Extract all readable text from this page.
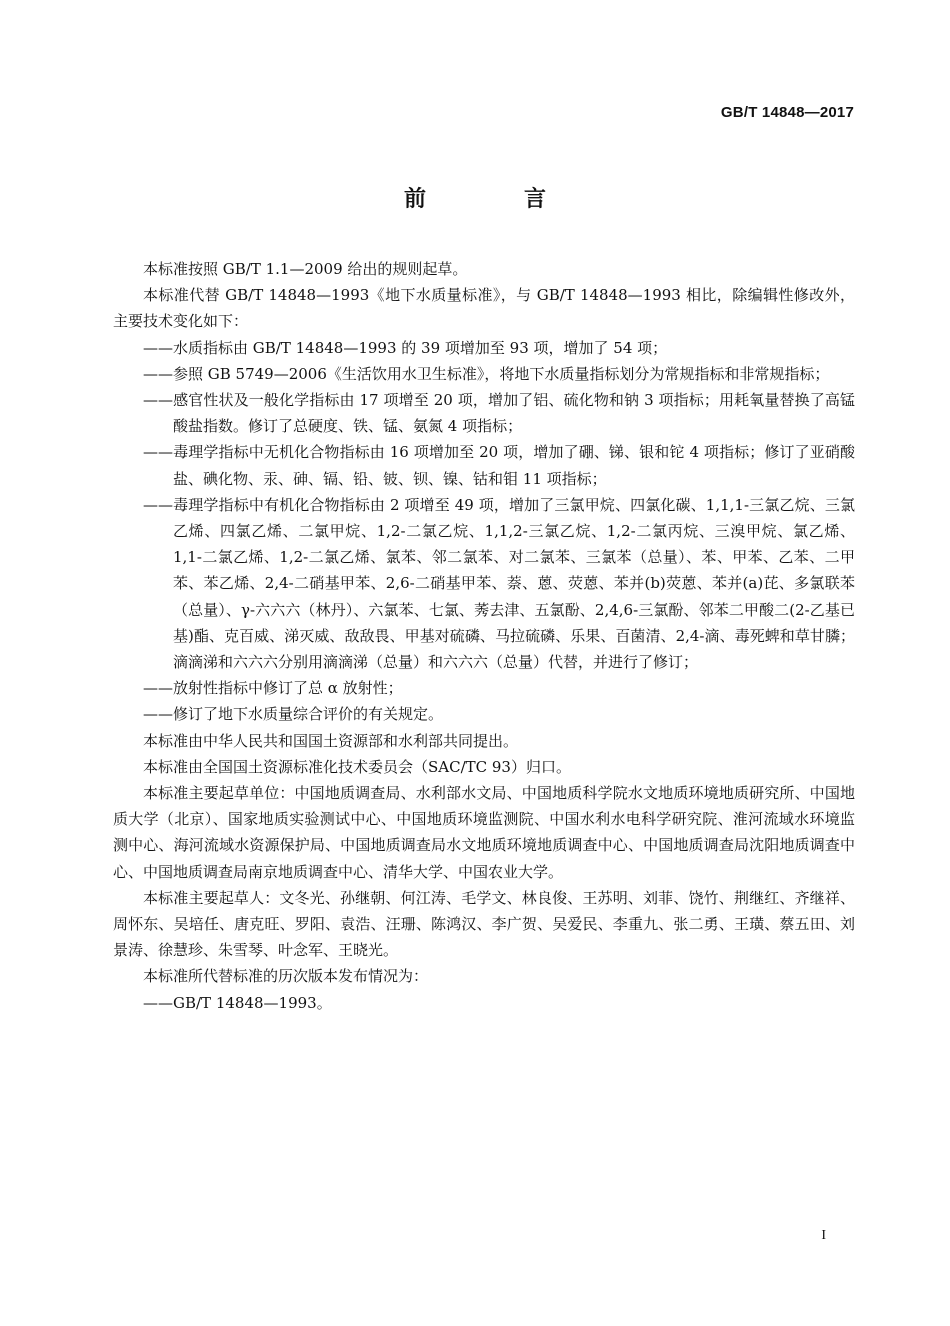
GB/T 14848—2017
前　言

本标准按照 GB/T 1.1—2009 给出的规则起草。

本标准代替 GB/T 14848—1993《地下水质量标准》，与 GB/T 14848—1993 相比，除编辑性修改外，主要技术变化如下：

——水质指标由 GB/T 14848—1993 的 39 项增加至 93 项，增加了 54 项；

——参照 GB 5749—2006《生活饮用水卫生标准》，将地下水质量指标划分为常规指标和非常规指标；

——感官性状及一般化学指标由 17 项增至 20 项，增加了铝、硫化物和钠 3 项指标；用耗氧量替换了高锰酸盐指数。修订了总硬度、铁、锰、氨氮 4 项指标；

——毒理学指标中无机化合物指标由 16 项增加至 20 项，增加了硼、锑、银和铊 4 项指标；修订了亚硝酸盐、碘化物、汞、砷、镉、铅、铍、钡、镍、钴和钼 11 项指标；

——毒理学指标中有机化合物指标由 2 项增至 49 项，增加了三氯甲烷、四氯化碳、1,1,1-三氯乙烷、三氯乙烯、四氯乙烯、二氯甲烷、1,2-二氯乙烷、1,1,2-三氯乙烷、1,2-二氯丙烷、三溴甲烷、氯乙烯、1,1-二氯乙烯、1,2-二氯乙烯、氯苯、邻二氯苯、对二氯苯、三氯苯（总量）、苯、甲苯、乙苯、二甲苯、苯乙烯、2,4-二硝基甲苯、2,6-二硝基甲苯、萘、蒽、荧蒽、苯并(b)荧蒽、苯并(a)芘、多氯联苯（总量）、γ-六六六（林丹）、六氯苯、七氯、莠去津、五氯酚、2,4,6-三氯酚、邻苯二甲酸二(2-乙基已基)酯、克百威、涕灭威、敌敌畏、甲基对硫磷、马拉硫磷、乐果、百菌清、2,4-滴、毒死蜱和草甘膦；滴滴涕和六六六分别用滴滴涕（总量）和六六六（总量）代替，并进行了修订；

——放射性指标中修订了总 α 放射性；

——修订了地下水质量综合评价的有关规定。

本标准由中华人民共和国国土资源部和水利部共同提出。

本标准由全国国土资源标准化技术委员会（SAC/TC 93）归口。

本标准主要起草单位：中国地质调查局、水利部水文局、中国地质科学院水文地质环境地质研究所、中国地质大学（北京）、国家地质实验测试中心、中国地质环境监测院、中国水利水电科学研究院、淮河流域水环境监测中心、海河流域水资源保护局、中国地质调查局水文地质环境地质调查中心、中国地质调查局沈阳地质调查中心、中国地质调查局南京地质调查中心、清华大学、中国农业大学。

本标准主要起草人：文冬光、孙继朝、何江涛、毛学文、林良俊、王苏明、刘菲、饶竹、荆继红、齐继祥、周怀东、吴培任、唐克旺、罗阳、袁浩、汪珊、陈鸿汉、李广贺、吴爱民、李重九、张二勇、王璜、蔡五田、刘景涛、徐慧珍、朱雪琴、叶念军、王晓光。

本标准所代替标准的历次版本发布情况为：

——GB/T 14848—1993。

I
